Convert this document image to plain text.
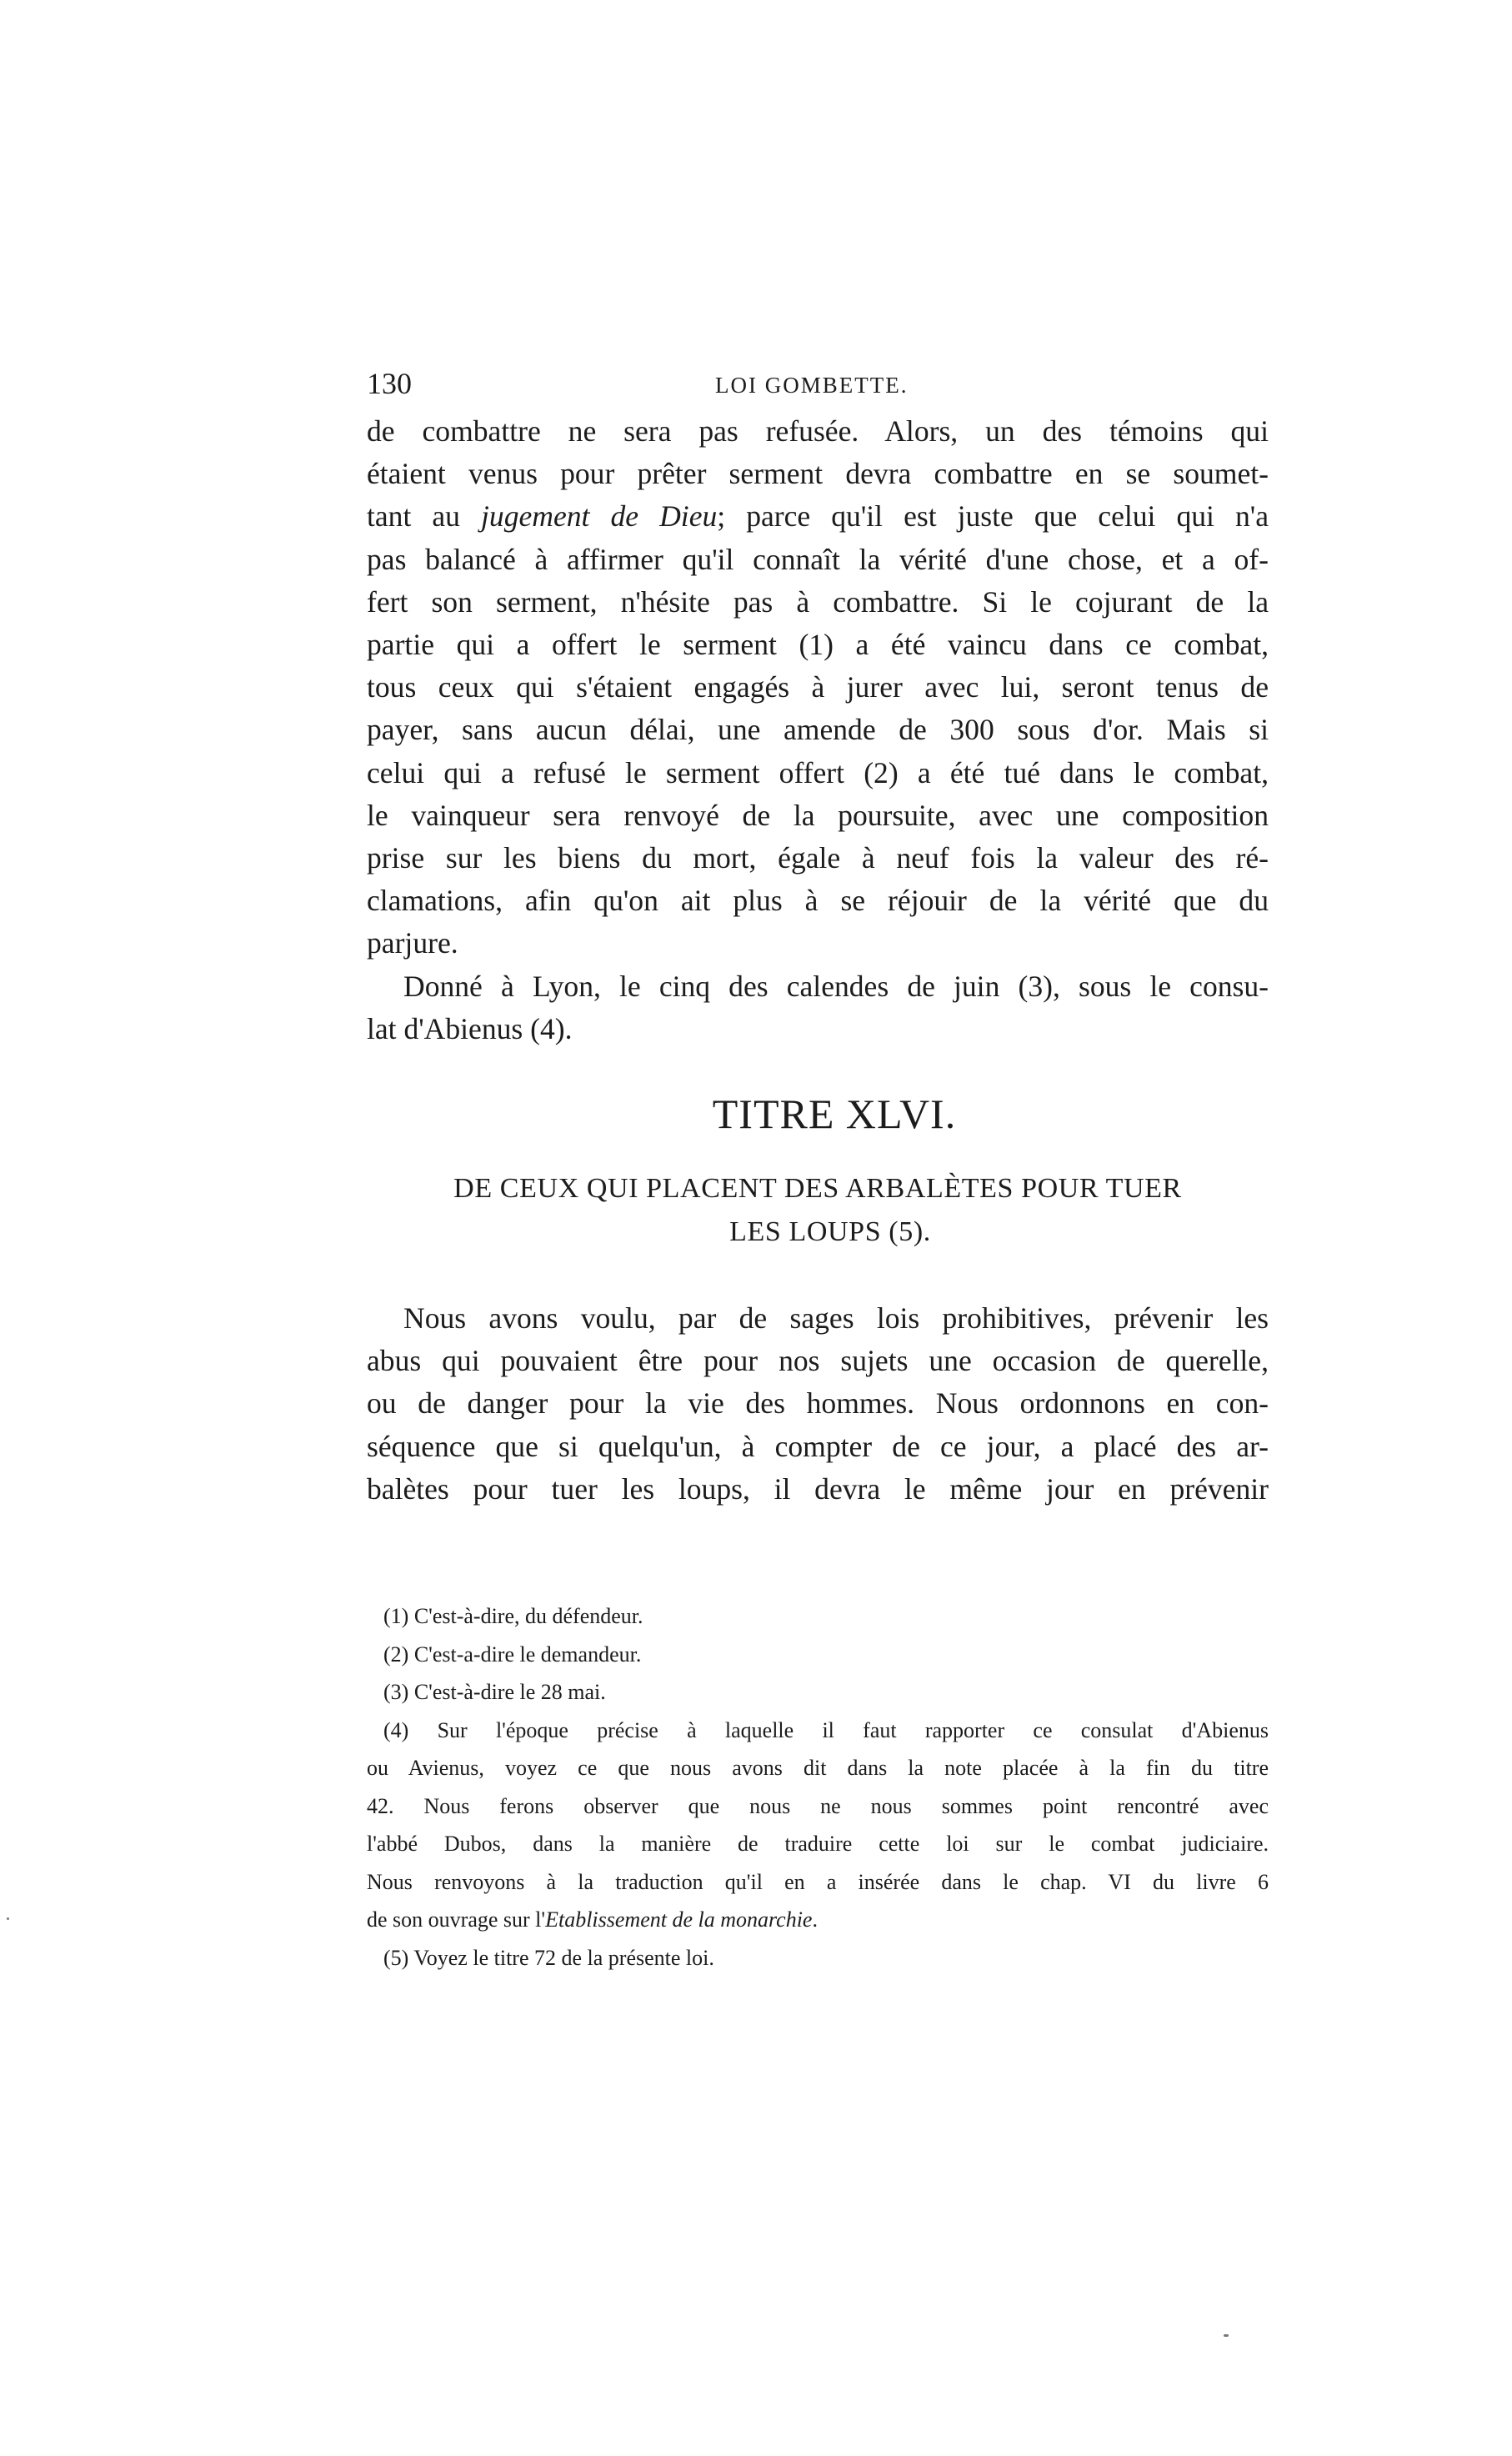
130	LOI GOMBETTE.
de combattre ne sera pas refusée. Alors, un des témoins qui
étaient venus pour prêter serment devra combattre en se soumet-
tant au jugement de Dieu; parce qu'il est juste que celui qui n'a
pas balancé à affirmer qu'il connaît la vérité d'une chose, et a of-
fert son serment, n'hésite pas à combattre. Si le cojurant de la
partie qui a offert le serment (1) a été vaincu dans ce combat,
tous ceux qui s'étaient engagés à jurer avec lui, seront tenus de
payer, sans aucun délai, une amende de 300 sous d'or. Mais si
celui qui a refusé le serment offert (2) a été tué dans le combat,
le vainqueur sera renvoyé de la poursuite, avec une composition
prise sur les biens du mort, égale à neuf fois la valeur des ré-
clamations, afin qu'on ait plus à se réjouir de la vérité que du
parjure.
Donné à Lyon, le cinq des calendes de juin (3), sous le consu-
lat d'Abienus (4).
TITRE XLVI.
DE CEUX QUI PLACENT DES ARBALÈTES POUR TUER
LES LOUPS (5).
Nous avons voulu, par de sages lois prohibitives, prévenir les
abus qui pouvaient être pour nos sujets une occasion de querelle,
ou de danger pour la vie des hommes. Nous ordonnons en con-
séquence que si quelqu'un, à compter de ce jour, a placé des ar-
balètes pour tuer les loups, il devra le même jour en prévenir
(1) C'est-à-dire, du défendeur.
(2) C'est-a-dire le demandeur.
(3) C'est-à-dire le 28 mai.
(4) Sur l'époque précise à laquelle il faut rapporter ce consulat d'Abienus
ou Avienus, voyez ce que nous avons dit dans la note placée à la fin du titre
42. Nous ferons observer que nous ne nous sommes point rencontré avec
l'abbé Dubos, dans la manière de traduire cette loi sur le combat judiciaire.
Nous renvoyons à la traduction qu'il en a insérée dans le chap. VI du livre 6
de son ouvrage sur l'Etablissement de la monarchie.
(5) Voyez le titre 72 de la présente loi.
